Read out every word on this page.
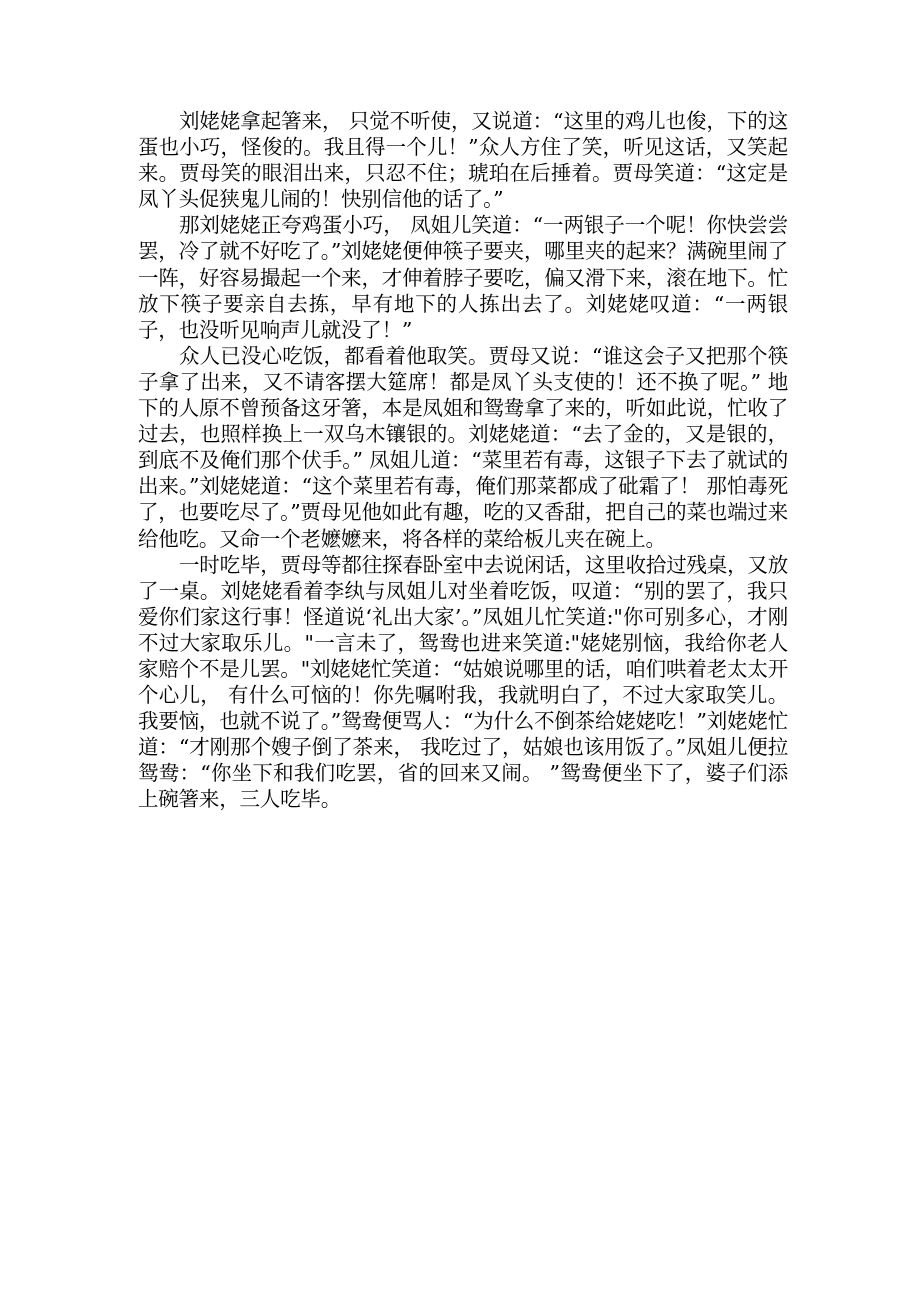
刘姥姥拿起箸来， 只觉不听使，又说道：“这里的鸡儿也俊，下的这蛋也小巧，怪俊的。我且得一个儿！”众人方住了笑，听见这话，又笑起来。贾母笑的眼泪出来，只忍不住；琥珀在后捶着。贾母笑道：“这定是凤丫头促狭鬼儿闹的！快别信他的话了。”

那刘姥姥正夸鸡蛋小巧， 凤姐儿笑道：“一两银子一个呢！你快尝尝罢，冷了就不好吃了。”刘姥姥便伸筷子要夹，哪里夹的起来？满碗里闹了一阵，好容易撮起一个来，才伸着脖子要吃，偏又滑下来，滚在地下。忙放下筷子要亲自去拣，早有地下的人拣出去了。刘姥姥叹道：“一两银子，也没听见响声儿就没了！”

众人已没心吃饭，都看着他取笑。贾母又说：“谁这会子又把那个筷子拿了出来，又不请客摆大筵席！都是凤丫头支使的！还不换了呢。” 地下的人原不曾预备这牙箸，本是凤姐和鸳鸯拿了来的，听如此说，忙收了过去，也照样换上一双乌木镶银的。刘姥姥道：“去了金的，又是银的，到底不及俺们那个伏手。” 凤姐儿道：“菜里若有毒，这银子下去了就试的出来。”刘姥姥道：“这个菜里若有毒，俺们那菜都成了砒霜了！ 那怕毒死了，也要吃尽了。”贾母见他如此有趣，吃的又香甜，把自己的菜也端过来给他吃。又命一个老嬷嬷来，将各样的菜给板儿夹在碗上。

一时吃毕，贾母等都往探春卧室中去说闲话，这里收拾过残桌，又放了一桌。刘姥姥看着李纨与凤姐儿对坐着吃饭，叹道：“别的罢了，我只爱你们家这行事！怪道说‘礼出大家’。”凤姐儿忙笑道:"你可别多心，才刚不过大家取乐儿。"一言未了，鸳鸯也进来笑道:"姥姥别恼，我给你老人家赔个不是儿罢。"刘姥姥忙笑道：“姑娘说哪里的话，咱们哄着老太太开个心儿， 有什么可恼的！你先嘱咐我，我就明白了，不过大家取笑儿。我要恼，也就不说了。”鸳鸯便骂人：“为什么不倒茶给姥姥吃！”刘姥姥忙道：“才刚那个嫂子倒了茶来， 我吃过了，姑娘也该用饭了。”凤姐儿便拉鸳鸯：“你坐下和我们吃罢，省的回来又闹。 ”鸳鸯便坐下了，婆子们添上碗箸来，三人吃毕。
